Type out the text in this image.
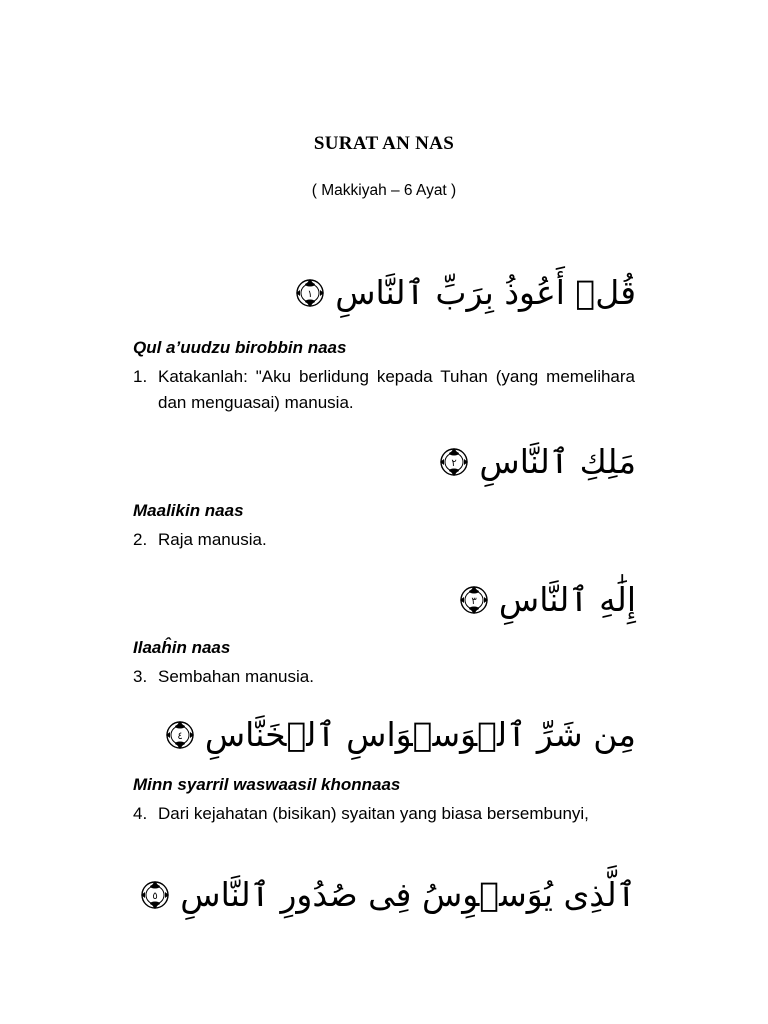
SURAT AN NAS
( Makkiyah – 6 Ayat )
قُلۡ أَعُوذُ بِرَبِّ ٱلنَّاسِ
١
Qul a’uudzu birobbin naas
1. Katakanlah: "Aku berlidung kepada Tuhan (yang memelihara dan menguasai) manusia.
مَلِكِ ٱلنَّاسِ
٢
Maalikin naas
2. Raja manusia.
إِلَٰهِ ٱلنَّاسِ
٣
Ilaaĥin naas
3. Sembahan manusia.
مِن شَرِّ ٱلۡوَسۡوَاسِ ٱلۡخَنَّاسِ
٤
Minn syarril waswaasil khonnaas
4. Dari kejahatan (bisikan) syaitan yang biasa bersembunyi,
ٱلَّذِى يُوَسۡوِسُ فِى صُدُورِ ٱلنَّاسِ
٥
